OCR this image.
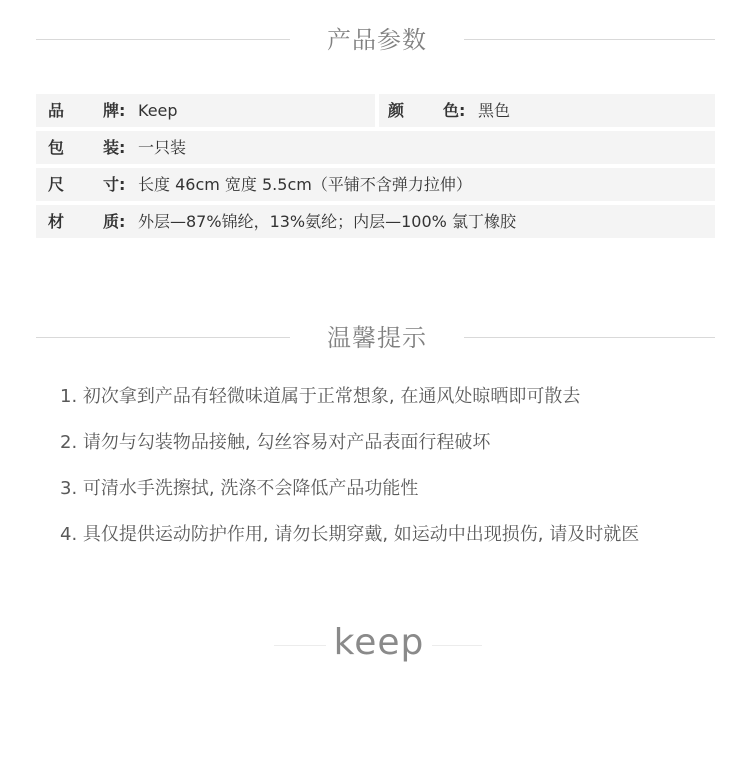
产品参数
品 牌: Keep	颜 色: 黑色
包 装: 一只装
尺 寸: 长度 46cm 宽度 5.5cm（平铺不含弹力拉伸）
材 质: 外层—87%锦纶，13%氨纶；内层—100% 氯丁橡胶
温馨提示
1. 初次拿到产品有轻微味道属于正常想象, 在通风处晾晒即可散去
2. 请勿与勾装物品接触, 勾丝容易对产品表面行程破坏
3. 可清水手洗擦拭, 洗涤不会降低产品功能性
4. 具仅提供运动防护作用, 请勿长期穿戴, 如运动中出现损伤, 请及时就医
keep
